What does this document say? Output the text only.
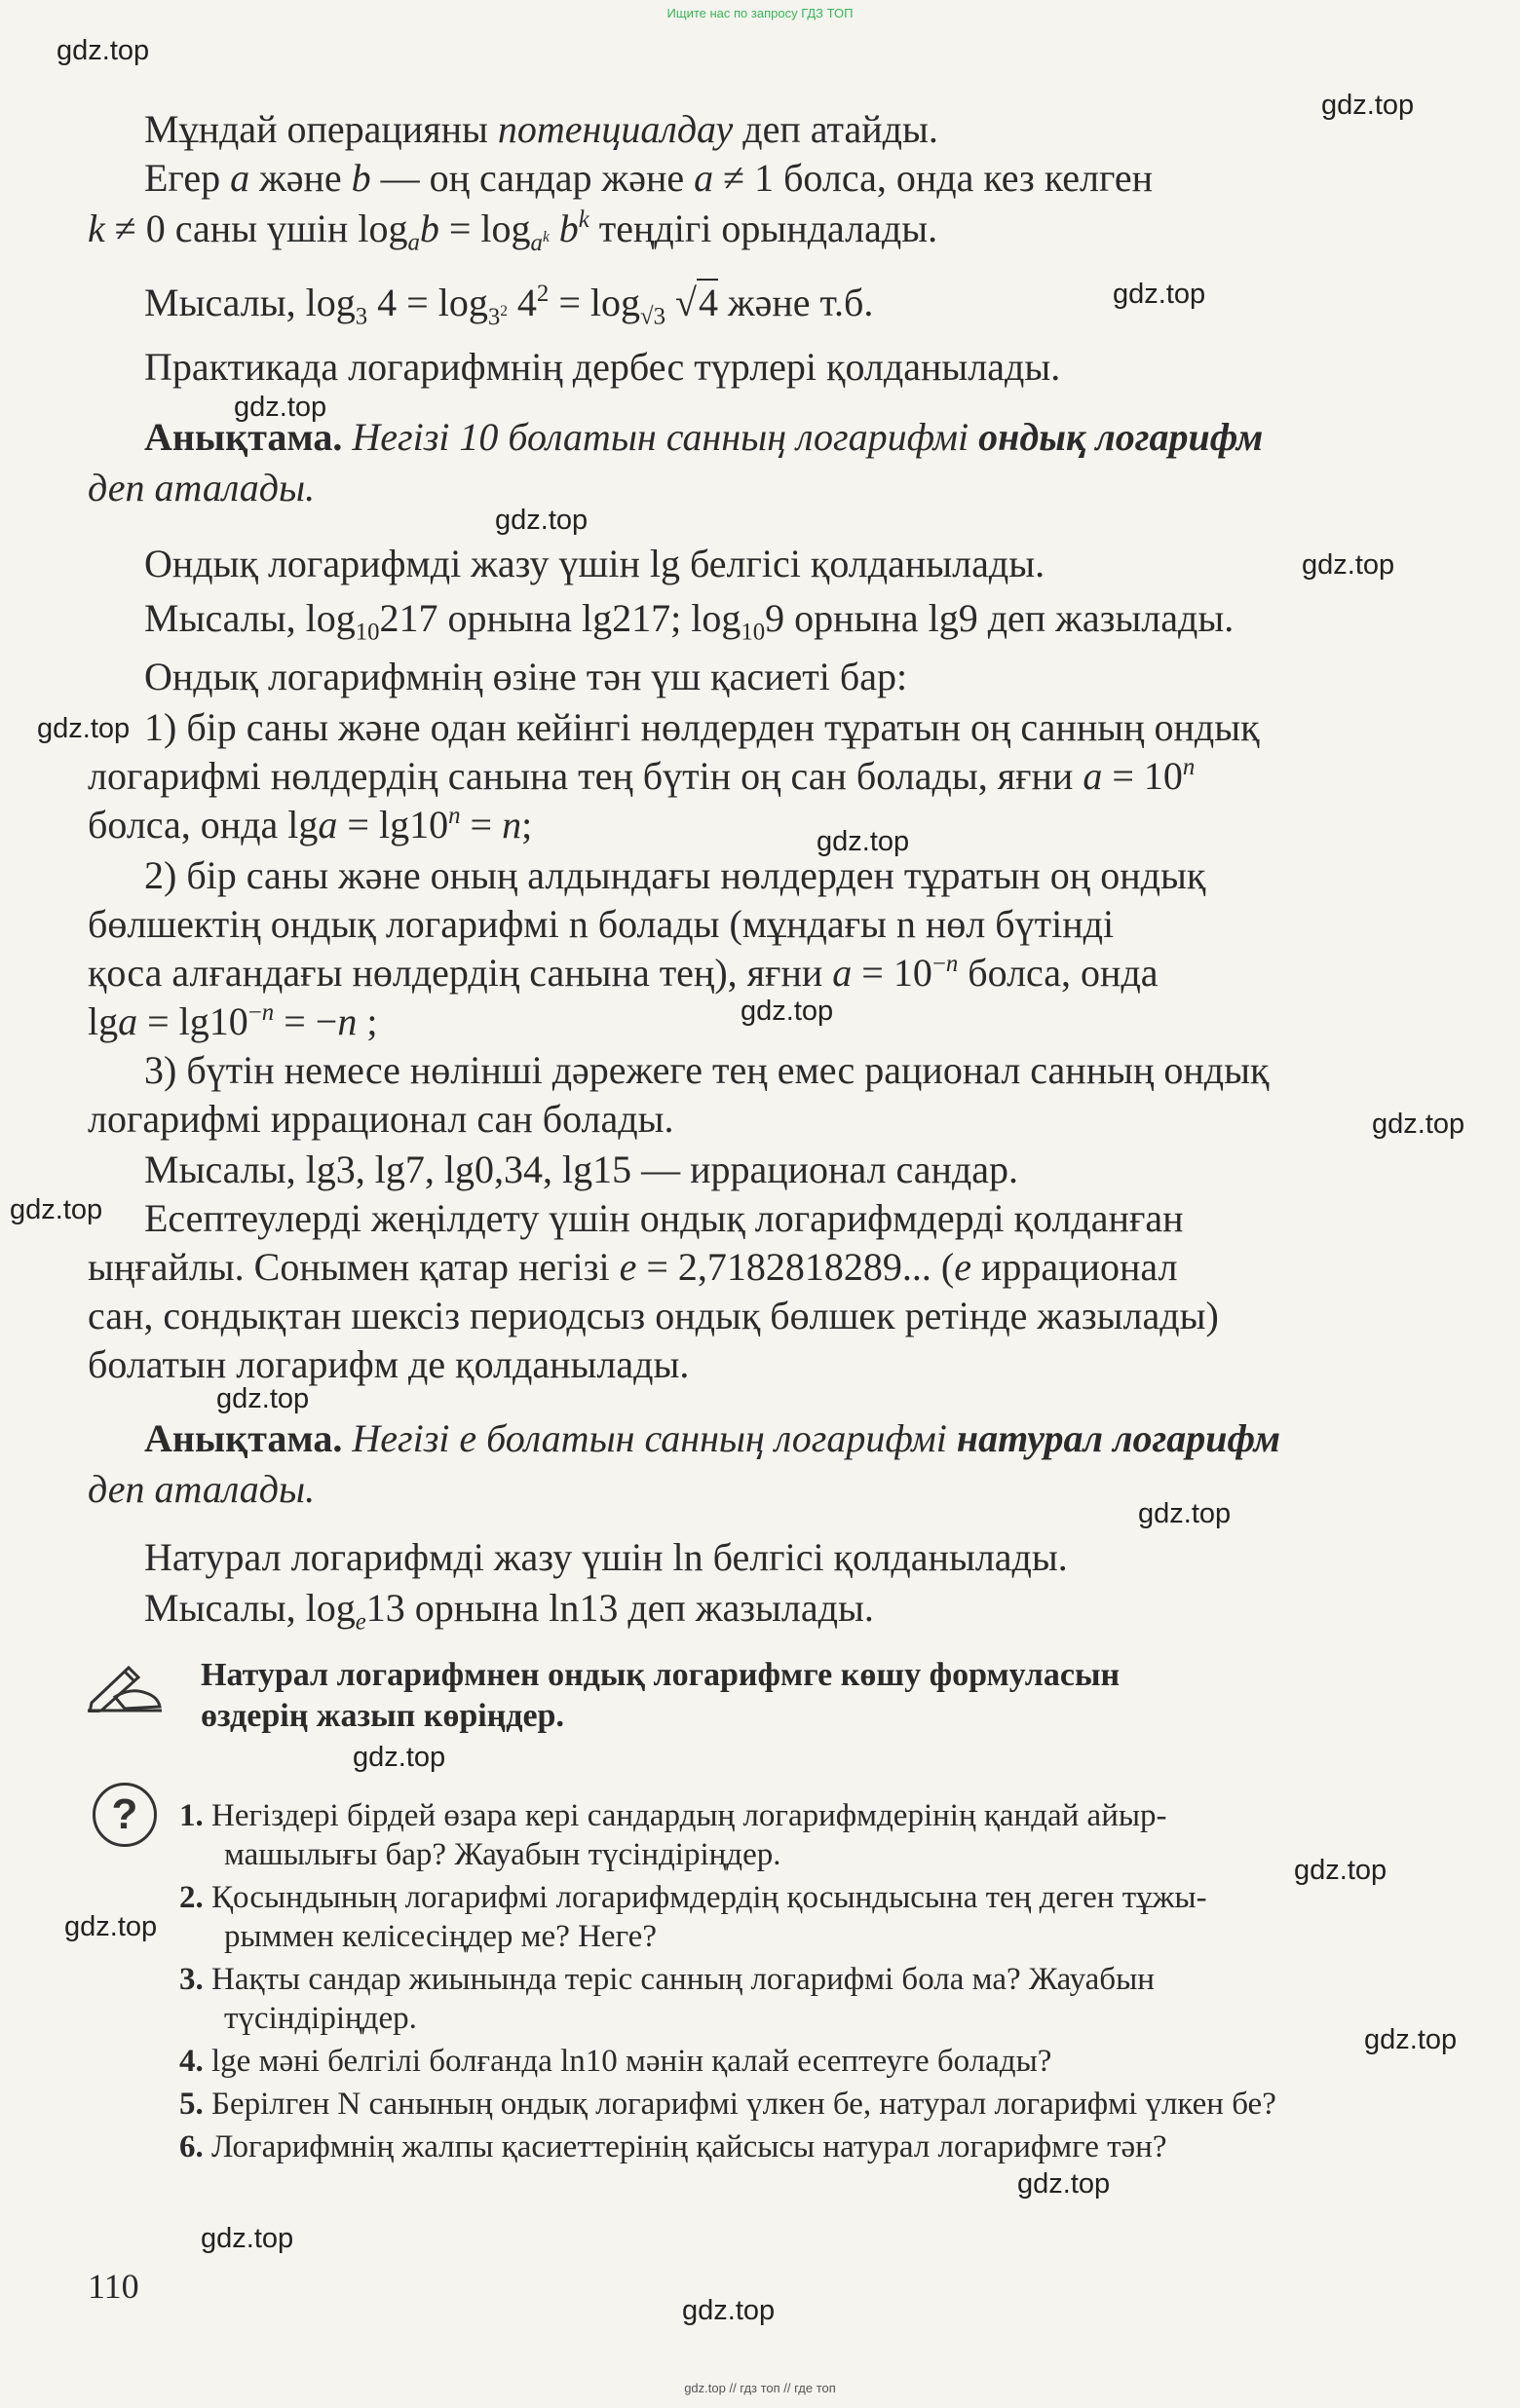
Ищите нас по запросу ГДЗ ТОП
gdz.top // гдз топ // где топ
gdz.top
gdz.top
gdz.top
gdz.top
gdz.top
gdz.top
gdz.top
gdz.top
gdz.top
gdz.top
gdz.top
gdz.top
gdz.top
gdz.top
gdz.top
gdz.top
gdz.top
gdz.top
gdz.top
gdz.top
Мұндай операцияны потенциалдау деп атайды.
Егер a және b — оң сандар және a ≠ 1 болса, онда кез келген
k ≠ 0 саны үшін $\log_ab = \log_{a^k} b^k$ теңдігі орындалады.
Мысалы, $\log_3 4 = \log_{3^2} 4^2 = \log_{√3} √4$ және т.б.
Практикада логарифмнің дербес түрлері қолданылады.
Анықтама. Негізі 10 болатын санның логарифмі ондық логарифм
деп аталады.
Ондық логарифмді жазу үшін lg белгісі қолданылады.
Мысалы, $\log_{10}217$ орнына lg217; $\log_{10}9$ орнына lg9 деп жазылады.
Ондық логарифмнің өзіне тән үш қасиеті бар:
1) бір саны және одан кейінгі нөлдерден тұратын оң санның ондық
логарифмі нөлдердің санына тең бүтін оң сан болады, яғни $a = 10^n$
болса, онда $\lg a = \lg 10^n = n$;
2) бір саны және оның алдындағы нөлдерден тұратын оң ондық
бөлшектің ондық логарифмі n болады (мұндағы n нөл бүтінді
қоса алғандағы нөлдердің санына тең), яғни $a = 10^{-n}$ болса, онда
$\lg a = \lg 10^{-n} = -n$ ;
3) бүтін немесе нөлінші дәрежеге тең емес рационал санның ондық
логарифмі иррационал сан болады.
Мысалы, lg3, lg7, lg0,34, lg15 — иррационал сандар.
Есептеулерді жеңілдету үшін ондық логарифмдерді қолданған
ыңғайлы. Сонымен қатар негізі e = 2,7182818289... (e иррационал
сан, сондықтан шексіз периодсыз ондық бөлшек ретінде жазылады)
болатын логарифм де қолданылады.
Анықтама. Негізі e болатын санның логарифмі натурал логарифм
деп аталады.
Натурал логарифмді жазу үшін ln белгісі қолданылады.
Мысалы, $\log_e13$ орнына ln13 деп жазылады.
Натурал логарифмнен ондық логарифмге көшу формуласын
өздерің жазып көріңдер.
?	1. Негіздері бірдей өзара кері сандардың логарифмдерінің қандай айыр-
машылығы бар? Жауабын түсіндіріңдер.
2. Қосындының логарифмі логарифмдердің қосындысына тең деген тұжы-
рыммен келісесіңдер ме? Неге?
3. Нақты сандар жиынында теріс санның логарифмі бола ма? Жауабын
түсіндіріңдер.
4. lge мәні белгілі болғанда ln10 мәнін қалай есептеуге болады?
5. Берілген N санының ондық логарифмі үлкен бе, натурал логарифмі үлкен бе?
6. Логарифмнің жалпы қасиеттерінің қайсысы натурал логарифмге тән?
110
